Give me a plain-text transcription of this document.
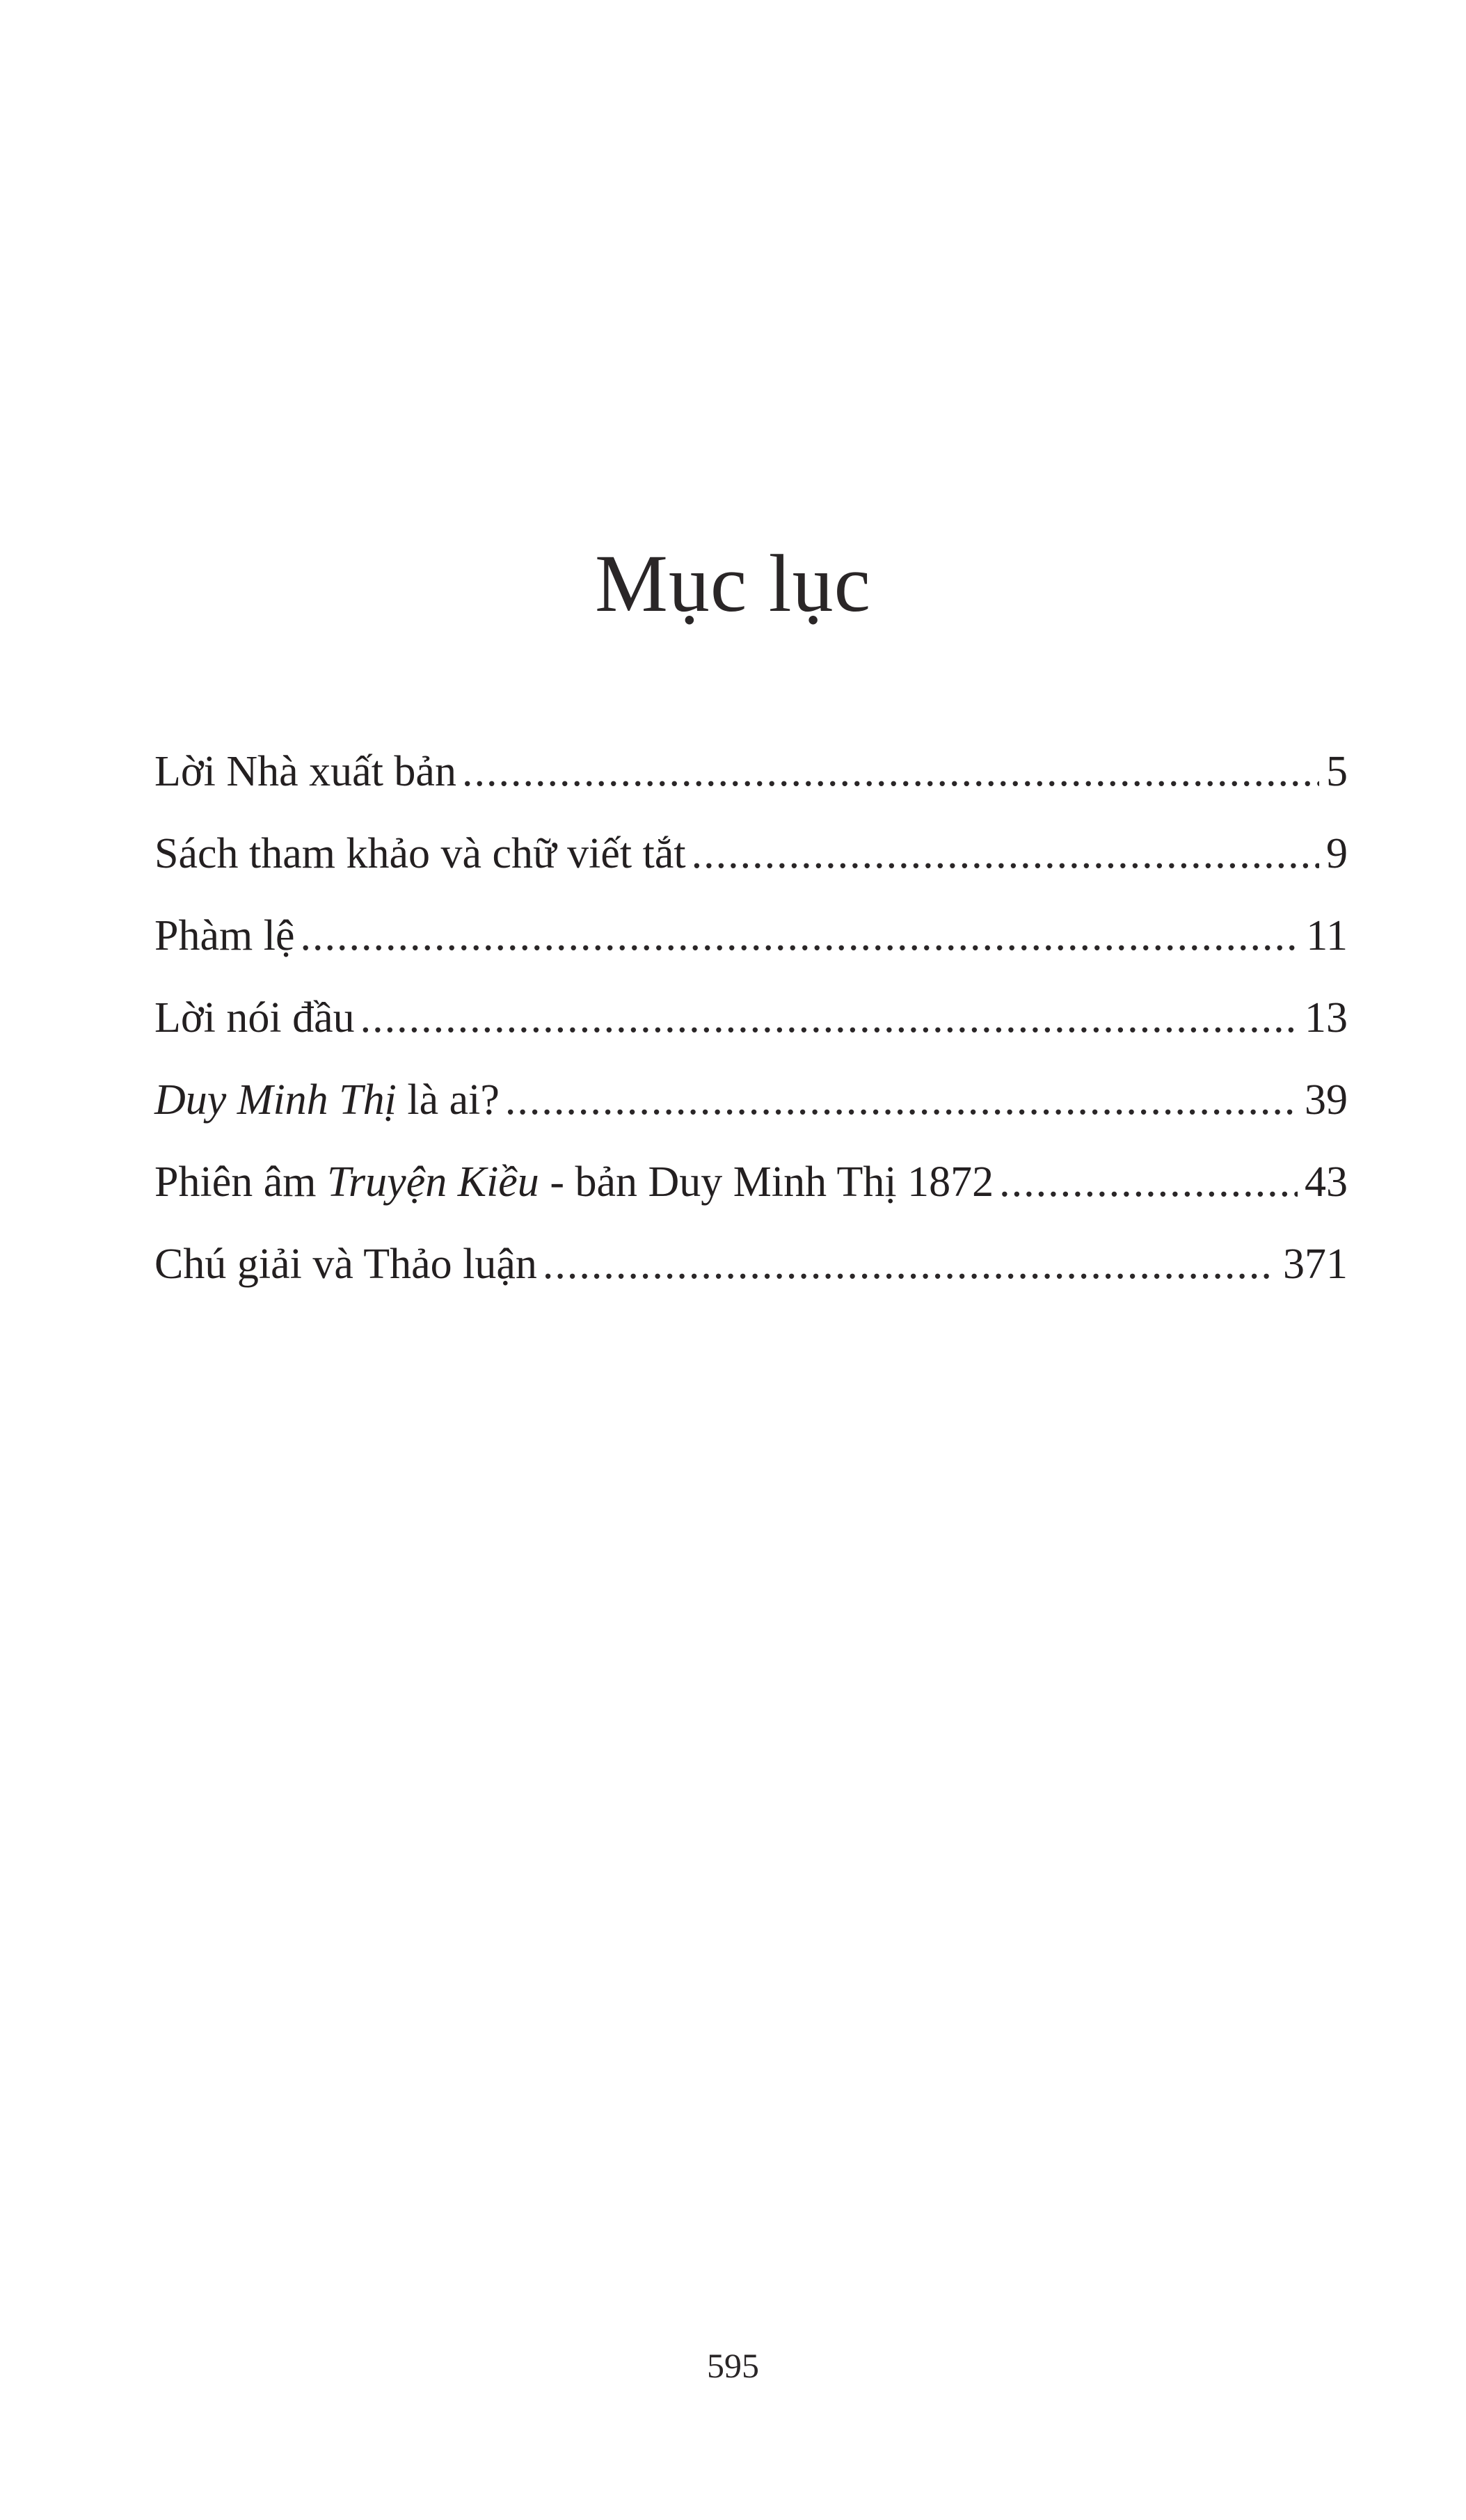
Mục lục
Lời Nhà xuất bản .....	5
Sách tham khảo và chữ viết tắt .....	9
Phàm lệ .....	11
Lời nói đầu .....	13
Duy Minh Thị là ai? .....	39
Phiên âm Truyện Kiều - bản Duy Minh Thị 1872 .....	43
Chú giải và Thảo luận .....	371
595
